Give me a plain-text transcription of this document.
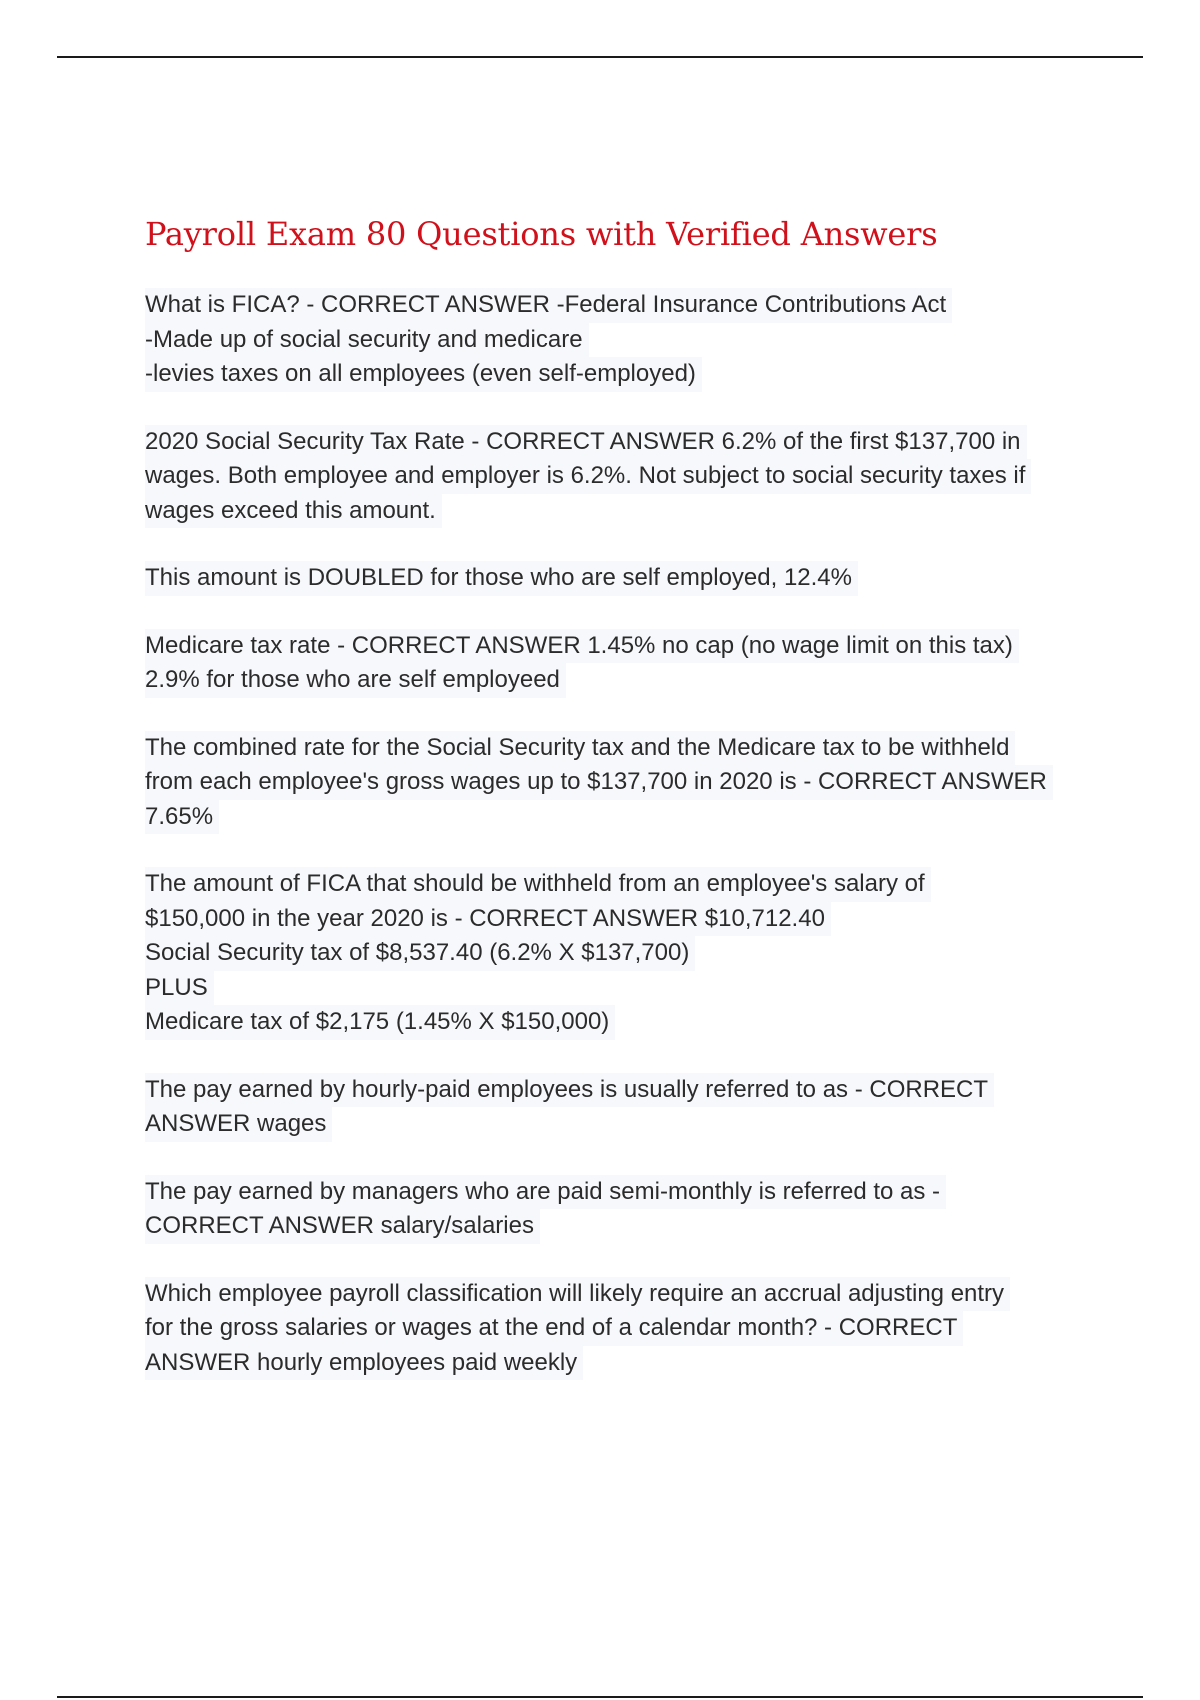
Payroll Exam 80 Questions with Verified Answers
What is FICA? - CORRECT ANSWER -Federal Insurance Contributions Act
-Made up of social security and medicare
-levies taxes on all employees (even self-employed)
2020 Social Security Tax Rate - CORRECT ANSWER 6.2% of the first $137,700 in
wages. Both employee and employer is 6.2%. Not subject to social security taxes if
wages exceed this amount.
This amount is DOUBLED for those who are self employed, 12.4%
Medicare tax rate - CORRECT ANSWER 1.45% no cap (no wage limit on this tax)
2.9% for those who are self employeed
The combined rate for the Social Security tax and the Medicare tax to be withheld
from each employee's gross wages up to $137,700 in 2020 is - CORRECT ANSWER
7.65%
The amount of FICA that should be withheld from an employee's salary of
$150,000 in the year 2020 is - CORRECT ANSWER $10,712.40
Social Security tax of $8,537.40 (6.2% X $137,700)
PLUS
Medicare tax of $2,175 (1.45% X $150,000)
The pay earned by hourly-paid employees is usually referred to as - CORRECT
ANSWER wages
The pay earned by managers who are paid semi-monthly is referred to as -
CORRECT ANSWER salary/salaries
Which employee payroll classification will likely require an accrual adjusting entry
for the gross salaries or wages at the end of a calendar month? - CORRECT
ANSWER hourly employees paid weekly
